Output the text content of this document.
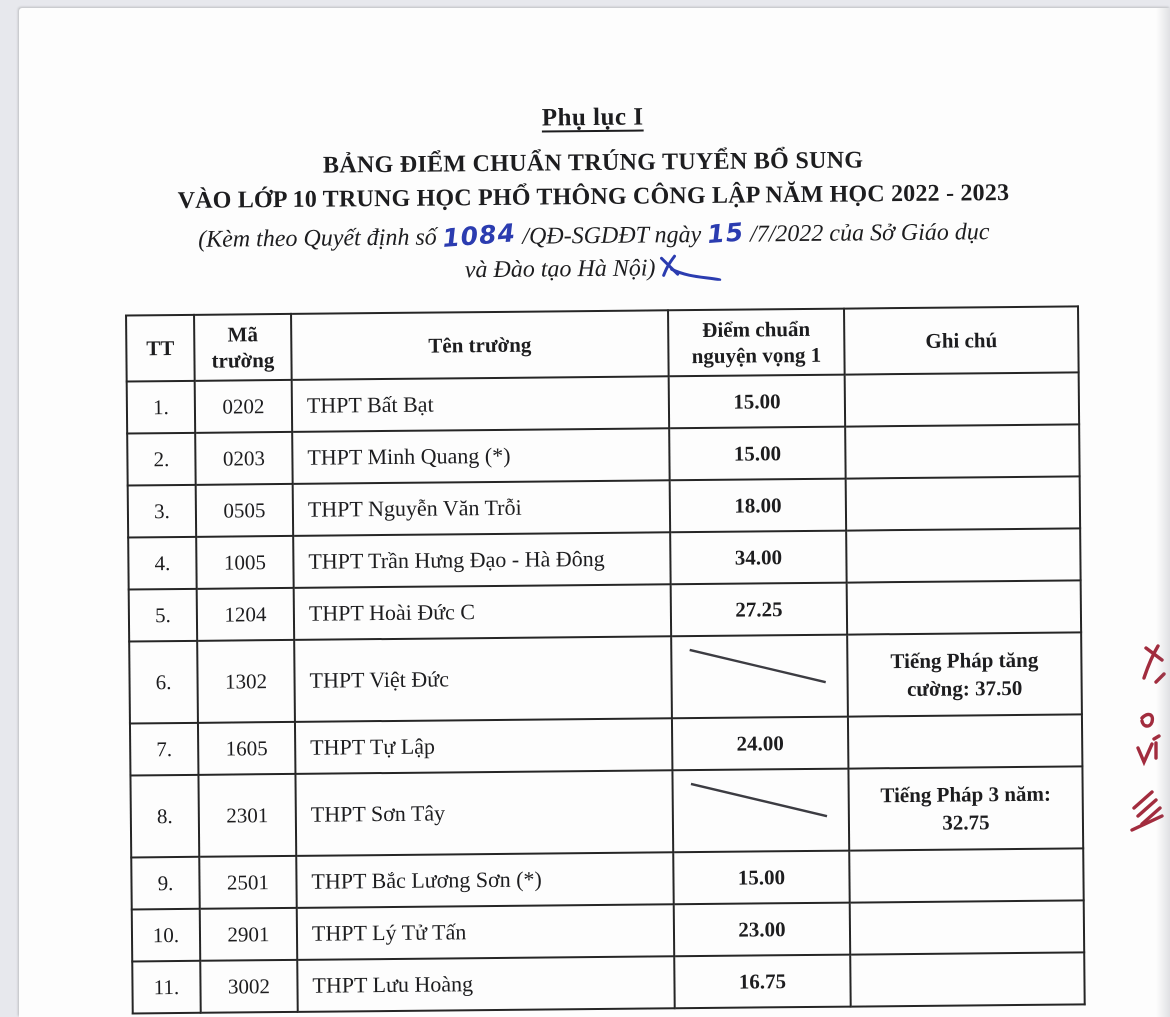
Phụ lục I
BẢNG ĐIỂM CHUẨN TRÚNG TUYỂN BỔ SUNG
VÀO LỚP 10 TRUNG HỌC PHỔ THÔNG CÔNG LẬP NĂM HỌC 2022 - 2023
(Kèm theo Quyết định số 1084 /QĐ-SGDĐT ngày 15 /7/2022 của Sở Giáo dục
và Đào tạo Hà Nội)
TT	Mã trường	Tên trường	Điểm chuẩn nguyện vọng 1	Ghi chú
1.	0202	THPT Bất Bạt	15.00	
2.	0203	THPT Minh Quang (*)	15.00	
3.	0505	THPT Nguyễn Văn Trỗi	18.00	
4.	1005	THPT Trần Hưng Đạo - Hà Đông	34.00	
5.	1204	THPT Hoài Đức C	27.25	
6.	1302	THPT Việt Đức		Tiếng Pháp tăng cường: 37.50
7.	1605	THPT Tự Lập	24.00	
8.	2301	THPT Sơn Tây		Tiếng Pháp 3 năm: 32.75
9.	2501	THPT Bắc Lương Sơn (*)	15.00	
10.	2901	THPT Lý Tử Tấn	23.00	
11.	3002	THPT Lưu Hoàng	16.75	
